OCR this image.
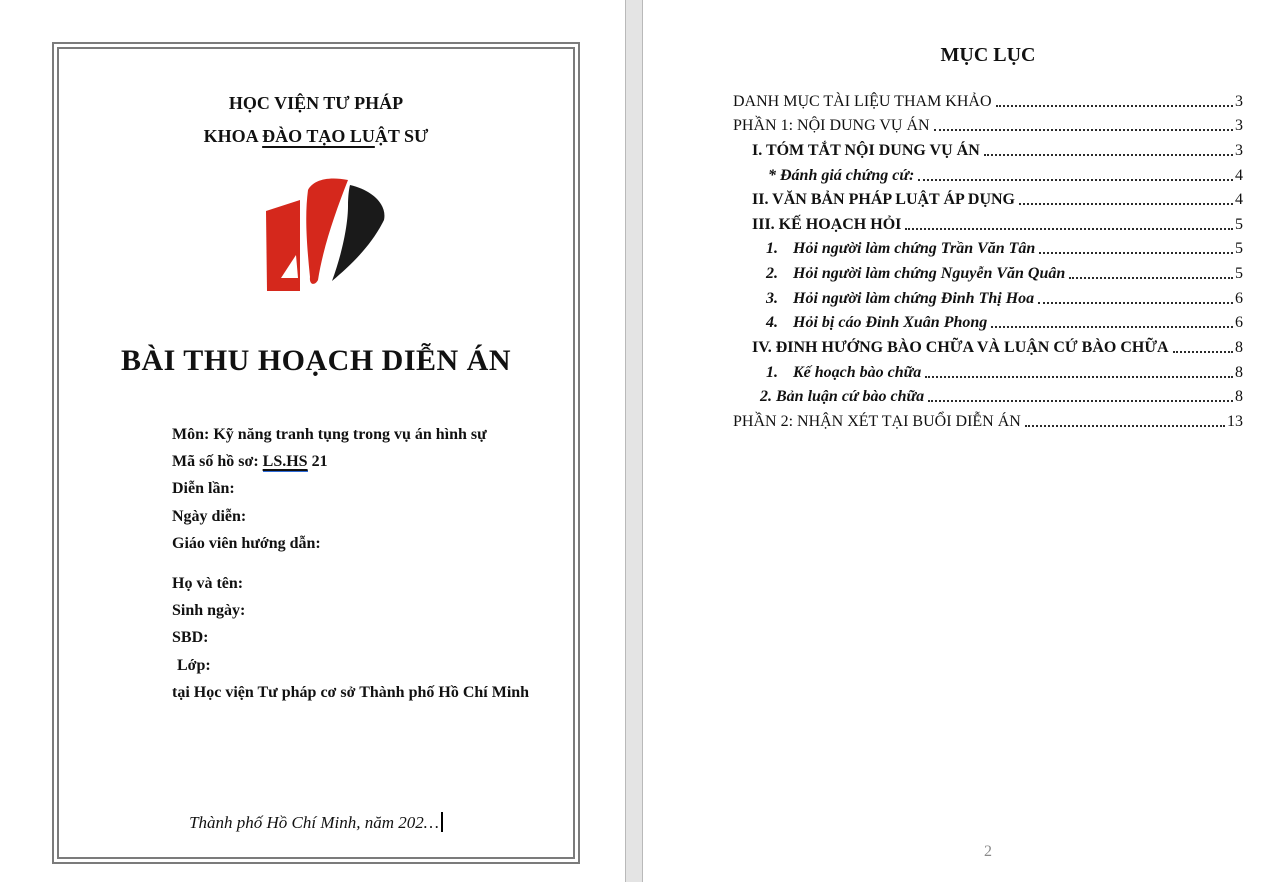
HỌC VIỆN TƯ PHÁP
KHOA ĐÀO TẠO LUẬT SƯ
BÀI THU HOẠCH DIỄN ÁN
Môn: Kỹ năng tranh tụng trong vụ án hình sự
Mã số hồ sơ: LS.HS 21
Diễn lần:
Ngày diễn:
Giáo viên hướng dẫn:
Họ và tên:
Sinh ngày:
SBD:
Lớp:
tại Học viện Tư pháp cơ sở Thành phố Hồ Chí Minh
Thành phố Hồ Chí Minh, năm 202…
MỤC LỤC
DANH MỤC TÀI LIỆU THAM KHẢO	3
PHẦN 1: NỘI DUNG VỤ ÁN	3
I. TÓM TẮT NỘI DUNG VỤ ÁN	3
* Đánh giá chứng cứ:	4
II. VĂN BẢN PHÁP LUẬT ÁP DỤNG	4
III. KẾ HOẠCH HỎI	5
1. Hỏi người làm chứng Trần Văn Tân	5
2. Hỏi người làm chứng Nguyễn Văn Quân	5
3. Hỏi người làm chứng Đinh Thị Hoa	6
4. Hỏi bị cáo Đinh Xuân Phong	6
IV. ĐINH HƯỚNG BÀO CHỮA VÀ LUẬN CỨ BÀO CHỮA	8
1. Kế hoạch bào chữa	8
2. Bản luận cứ bào chữa	8
PHẦN 2: NHẬN XÉT TẠI BUỔI DIỄN ÁN	13
2
